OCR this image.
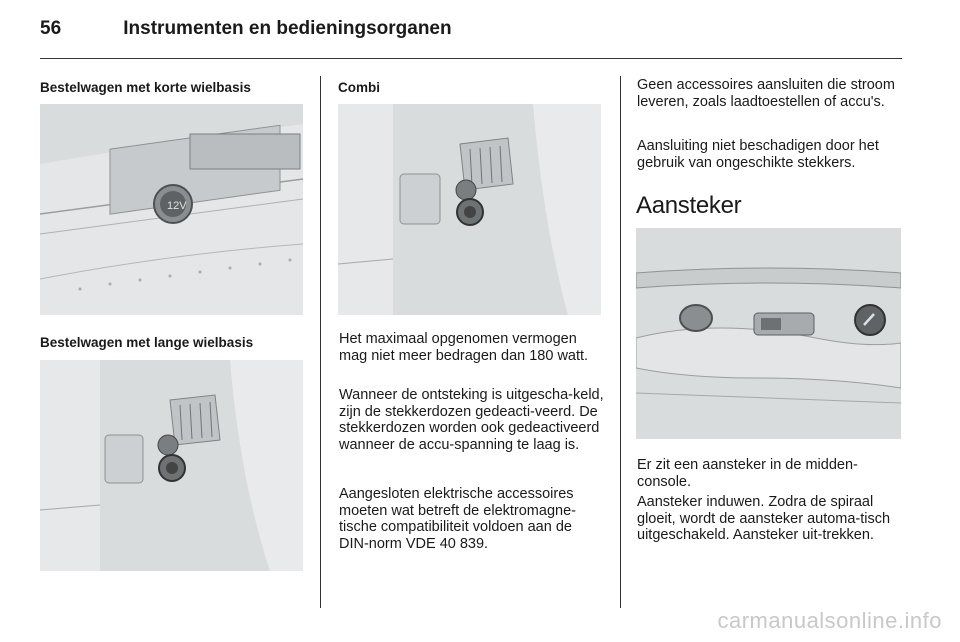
56	Instrumenten en bedieningsorganen
Bestelwagen met korte wielbasis
12V
Bestelwagen met lange wielbasis
Combi

Het maximaal opgenomen vermogen mag niet meer bedragen dan 180 watt.

Wanneer de ontsteking is uitgescha-keld, zijn de stekkerdozen gedeacti-veerd. De stekkerdozen worden ook gedeactiveerd wanneer de accu-spanning te laag is.

Aangesloten elektrische accessoires moeten wat betreft de elektromagne-tische compatibiliteit voldoen aan de DIN-norm VDE 40 839.

Geen accessoires aansluiten die stroom leveren, zoals laadtoestellen of accu's.

Aansluiting niet beschadigen door het gebruik van ongeschikte stekkers.

Aansteker

Er zit een aansteker in de midden-console.

Aansteker induwen. Zodra de spiraal gloeit, wordt de aansteker automa-tisch uitgeschakeld. Aansteker uit-trekken.

carmanualsonline.info
